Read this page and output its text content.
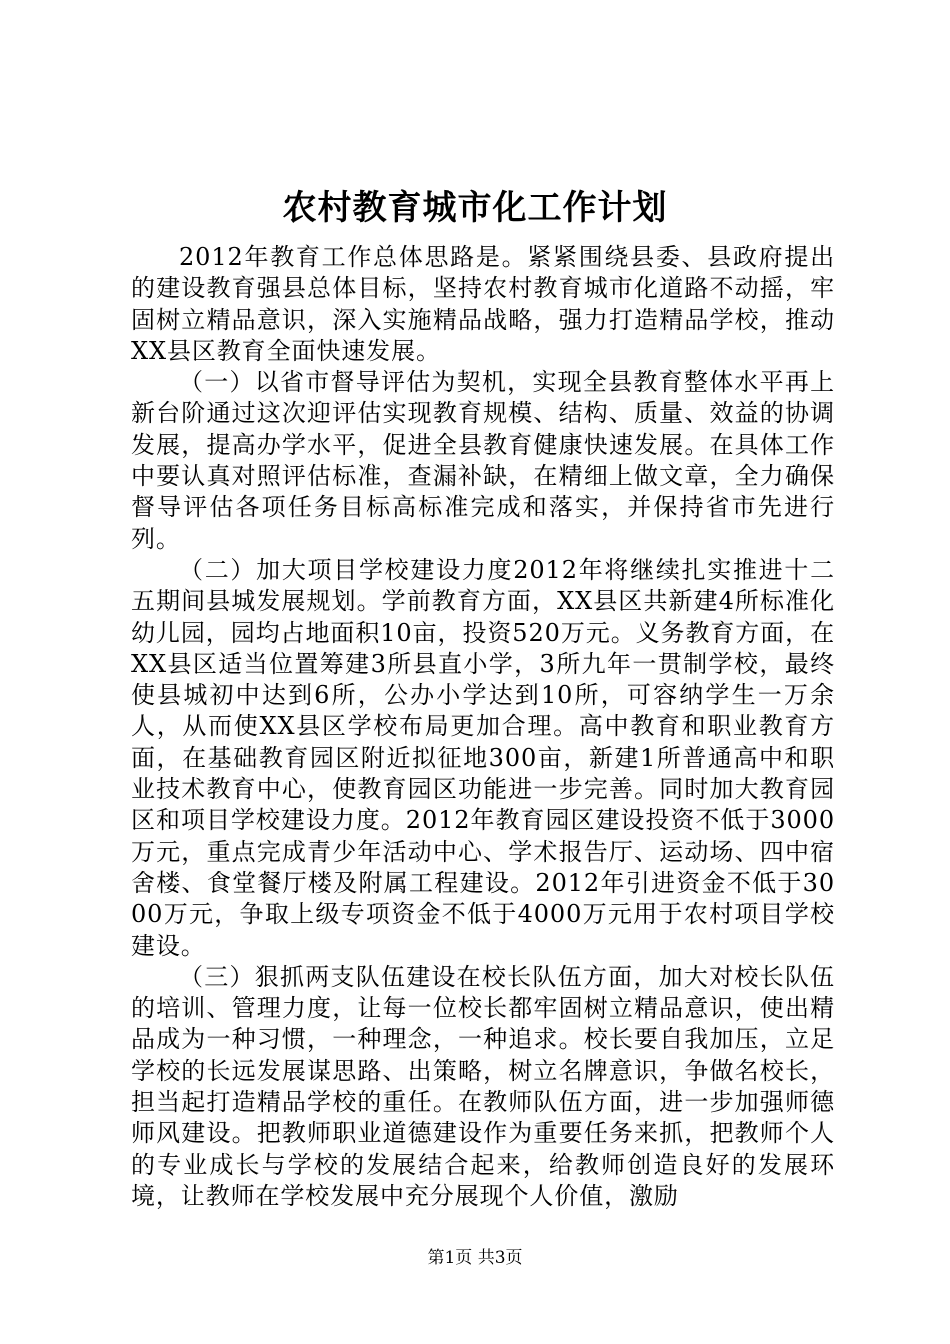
农村教育城市化工作计划

2012年教育工作总体思路是。紧紧围绕县委、县政府提出的建设教育强县总体目标，坚持农村教育城市化道路不动摇，牢固树立精品意识，深入实施精品战略，强力打造精品学校，推动XX县区教育全面快速发展。

（一）以省市督导评估为契机，实现全县教育整体水平再上新台阶通过这次迎评估实现教育规模、结构、质量、效益的协调发展，提高办学水平，促进全县教育健康快速发展。在具体工作中要认真对照评估标准，查漏补缺，在精细上做文章，全力确保督导评估各项任务目标高标准完成和落实，并保持省市先进行列。

（二）加大项目学校建设力度2012年将继续扎实推进十二五期间县城发展规划。学前教育方面，XX县区共新建4所标准化幼儿园，园均占地面积10亩，投资520万元。义务教育方面，在XX县区适当位置筹建3所县直小学，3所九年一贯制学校，最终使县城初中达到6所，公办小学达到10所，可容纳学生一万余人，从而使XX县区学校布局更加合理。高中教育和职业教育方面，在基础教育园区附近拟征地300亩，新建1所普通高中和职业技术教育中心，使教育园区功能进一步完善。同时加大教育园区和项目学校建设力度。2012年教育园区建设投资不低于3000万元，重点完成青少年活动中心、学术报告厅、运动场、四中宿舍楼、食堂餐厅楼及附属工程建设。2012年引进资金不低于3000万元，争取上级专项资金不低于4000万元用于农村项目学校建设。

（三）狠抓两支队伍建设在校长队伍方面，加大对校长队伍的培训、管理力度，让每一位校长都牢固树立精品意识，使出精品成为一种习惯，一种理念，一种追求。校长要自我加压，立足学校的长远发展谋思路、出策略，树立名牌意识，争做名校长，担当起打造精品学校的重任。在教师队伍方面，进一步加强师德师风建设。把教师职业道德建设作为重要任务来抓，把教师个人的专业成长与学校的发展结合起来，给教师创造良好的发展环境，让教师在学校发展中充分展现个人价值，激励

第1页 共3页
